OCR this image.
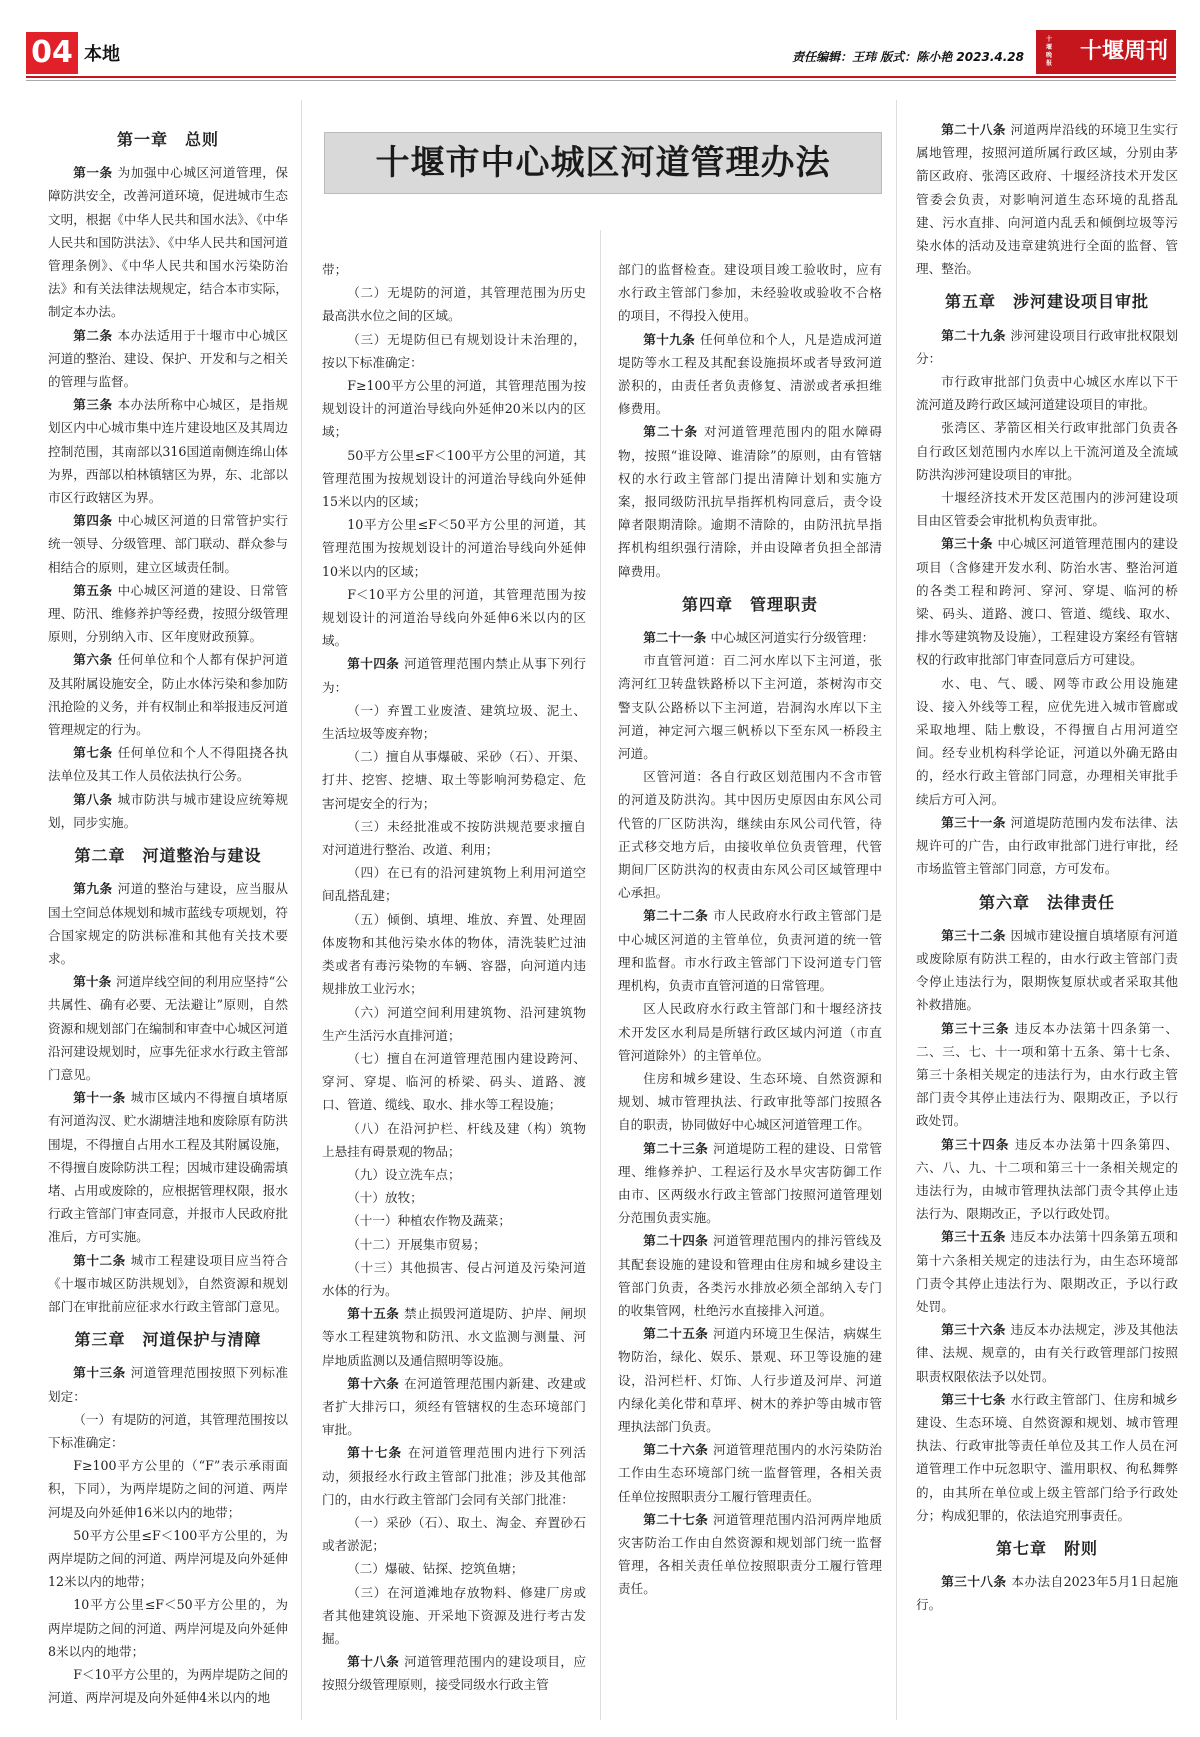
04 本地	责任编辑：王玮 版式：陈小艳 2023.4.28
十堰晚报 十堰周刊
十堰市中心城区河道管理办法
第一章　总则

第一条 为加强中心城区河道管理，保障防洪安全，改善河道环境，促进城市生态文明，根据《中华人民共和国水法》、《中华人民共和国防洪法》、《中华人民共和国河道管理条例》、《中华人民共和国水污染防治法》和有关法律法规规定，结合本市实际，制定本办法。

第二条 本办法适用于十堰市中心城区河道的整治、建设、保护、开发和与之相关的管理与监督。

第三条 本办法所称中心城区，是指规划区内中心城市集中连片建设地区及其周边控制范围，其南部以316国道南侧连绵山体为界，西部以柏林镇辖区为界，东、北部以市区行政辖区为界。

第四条 中心城区河道的日常管护实行统一领导、分级管理、部门联动、群众参与相结合的原则，建立区域责任制。

第五条 中心城区河道的建设、日常管理、防汛、维修养护等经费，按照分级管理原则，分别纳入市、区年度财政预算。

第六条 任何单位和个人都有保护河道及其附属设施安全，防止水体污染和参加防汛抢险的义务，并有权制止和举报违反河道管理规定的行为。

第七条 任何单位和个人不得阻挠各执法单位及其工作人员依法执行公务。

第八条 城市防洪与城市建设应统筹规划，同步实施。

第二章　河道整治与建设

第九条 河道的整治与建设，应当服从国土空间总体规划和城市蓝线专项规划，符合国家规定的防洪标准和其他有关技术要求。

第十条 河道岸线空间的利用应坚持“公共属性、确有必要、无法避让”原则，自然资源和规划部门在编制和审查中心城区河道沿河建设规划时，应事先征求水行政主管部门意见。

第十一条 城市区域内不得擅自填堵原有河道沟汊、贮水湖塘洼地和废除原有防洪围堤，不得擅自占用水工程及其附属设施，不得擅自废除防洪工程；因城市建设确需填堵、占用或废除的，应根据管理权限，报水行政主管部门审查同意，并报市人民政府批准后，方可实施。

第十二条 城市工程建设项目应当符合《十堰市城区防洪规划》，自然资源和规划部门在审批前应征求水行政主管部门意见。

第三章　河道保护与清障

第十三条 河道管理范围按照下列标准划定：

（一）有堤防的河道，其管理范围按以下标准确定：

F≥100平方公里的（“F”表示承雨面积，下同），为两岸堤防之间的河道、两岸河堤及向外延伸16米以内的地带；

50平方公里≤F＜100平方公里的，为两岸堤防之间的河道、两岸河堤及向外延伸12米以内的地带；

10平方公里≤F＜50平方公里的，为两岸堤防之间的河道、两岸河堤及向外延伸8米以内的地带；

F＜10平方公里的，为两岸堤防之间的河道、两岸河堤及向外延伸4米以内的地

带；

（二）无堤防的河道，其管理范围为历史最高洪水位之间的区域。

（三）无堤防但已有规划设计未治理的，按以下标准确定：

F≥100平方公里的河道，其管理范围为按规划设计的河道治导线向外延伸20米以内的区域；

50平方公里≤F＜100平方公里的河道，其管理范围为按规划设计的河道治导线向外延伸15米以内的区域；

10平方公里≤F＜50平方公里的河道，其管理范围为按规划设计的河道治导线向外延伸10米以内的区域；

F＜10平方公里的河道，其管理范围为按规划设计的河道治导线向外延伸6米以内的区域。

第十四条 河道管理范围内禁止从事下列行为：

（一）弃置工业废渣、建筑垃圾、泥土、生活垃圾等废弃物；

（二）擅自从事爆破、采砂（石）、开渠、打井、挖窖、挖塘、取土等影响河势稳定、危害河堤安全的行为；

（三）未经批准或不按防洪规范要求擅自对河道进行整治、改道、利用；

（四）在已有的沿河建筑物上利用河道空间乱搭乱建；

（五）倾倒、填埋、堆放、弃置、处理固体废物和其他污染水体的物体，清洗装贮过油类或者有毒污染物的车辆、容器，向河道内违规排放工业污水；

（六）河道空间利用建筑物、沿河建筑物生产生活污水直排河道；

（七）擅自在河道管理范围内建设跨河、穿河、穿堤、临河的桥梁、码头、道路、渡口、管道、缆线、取水、排水等工程设施；

（八）在沿河护栏、杆线及建（构）筑物上悬挂有碍景观的物品；

（九）设立洗车点；

（十）放牧；

（十一）种植农作物及蔬菜；

（十二）开展集市贸易；

（十三）其他损害、侵占河道及污染河道水体的行为。

第十五条 禁止损毁河道堤防、护岸、闸坝等水工程建筑物和防汛、水文监测与测量、河岸地质监测以及通信照明等设施。

第十六条 在河道管理范围内新建、改建或者扩大排污口，须经有管辖权的生态环境部门审批。

第十七条 在河道管理范围内进行下列活动，须报经水行政主管部门批准；涉及其他部门的，由水行政主管部门会同有关部门批准：

（一）采砂（石）、取土、淘金、弃置砂石或者淤泥；

（二）爆破、钻探、挖筑鱼塘；

（三）在河道滩地存放物料、修建厂房或者其他建筑设施、开采地下资源及进行考古发掘。

第十八条 河道管理范围内的建设项目，应按照分级管理原则，接受同级水行政主管

部门的监督检查。建设项目竣工验收时，应有水行政主管部门参加，未经验收或验收不合格的项目，不得投入使用。

第十九条 任何单位和个人，凡是造成河道堤防等水工程及其配套设施损坏或者导致河道淤积的，由责任者负责修复、清淤或者承担维修费用。

第二十条 对河道管理范围内的阻水障碍物，按照“谁设障、谁清除”的原则，由有管辖权的水行政主管部门提出清障计划和实施方案，报同级防汛抗旱指挥机构同意后，责令设障者限期清除。逾期不清除的，由防汛抗旱指挥机构组织强行清除，并由设障者负担全部清障费用。

第四章　管理职责

第二十一条 中心城区河道实行分级管理：

市直管河道：百二河水库以下主河道，张湾河红卫转盘铁路桥以下主河道，茶树沟市交警支队公路桥以下主河道，岩洞沟水库以下主河道，神定河六堰三帆桥以下至东风一桥段主河道。

区管河道：各自行政区划范围内不含市管的河道及防洪沟。其中因历史原因由东风公司代管的厂区防洪沟，继续由东风公司代管，待正式移交地方后，由接收单位负责管理，代管期间厂区防洪沟的权责由东风公司区域管理中心承担。

第二十二条 市人民政府水行政主管部门是中心城区河道的主管单位，负责河道的统一管理和监督。市水行政主管部门下设河道专门管理机构，负责市直管河道的日常管理。

区人民政府水行政主管部门和十堰经济技术开发区水利局是所辖行政区域内河道（市直管河道除外）的主管单位。

住房和城乡建设、生态环境、自然资源和规划、城市管理执法、行政审批等部门按照各自的职责，协同做好中心城区河道管理工作。

第二十三条 河道堤防工程的建设、日常管理、维修养护、工程运行及水旱灾害防御工作由市、区两级水行政主管部门按照河道管理划分范围负责实施。

第二十四条 河道管理范围内的排污管线及其配套设施的建设和管理由住房和城乡建设主管部门负责，各类污水排放必须全部纳入专门的收集管网，杜绝污水直接排入河道。

第二十五条 河道内环境卫生保洁，病媒生物防治，绿化、娱乐、景观、环卫等设施的建设，沿河栏杆、灯饰、人行步道及河岸、河道内绿化美化带和草坪、树木的养护等由城市管理执法部门负责。

第二十六条 河道管理范围内的水污染防治工作由生态环境部门统一监督管理，各相关责任单位按照职责分工履行管理责任。

第二十七条 河道管理范围内沿河两岸地质灾害防治工作由自然资源和规划部门统一监督管理，各相关责任单位按照职责分工履行管理责任。

第二十八条 河道两岸沿线的环境卫生实行属地管理，按照河道所属行政区域，分别由茅箭区政府、张湾区政府、十堰经济技术开发区管委会负责，对影响河道生态环境的乱搭乱建、污水直排、向河道内乱丢和倾倒垃圾等污染水体的活动及违章建筑进行全面的监督、管理、整治。

第五章　涉河建设项目审批

第二十九条 涉河建设项目行政审批权限划分：

市行政审批部门负责中心城区水库以下干流河道及跨行政区域河道建设项目的审批。

张湾区、茅箭区相关行政审批部门负责各自行政区划范围内水库以上干流河道及全流域防洪沟涉河建设项目的审批。

十堰经济技术开发区范围内的涉河建设项目由区管委会审批机构负责审批。

第三十条 中心城区河道管理范围内的建设项目（含修建开发水利、防治水害、整治河道的各类工程和跨河、穿河、穿堤、临河的桥梁、码头、道路、渡口、管道、缆线、取水、排水等建筑物及设施），工程建设方案经有管辖权的行政审批部门审查同意后方可建设。

水、电、气、暖、网等市政公用设施建设、接入外线等工程，应优先进入城市管廊或采取地埋、陆上敷设，不得擅自占用河道空间。经专业机构科学论证，河道以外确无路由的，经水行政主管部门同意，办理相关审批手续后方可入河。

第三十一条 河道堤防范围内发布法律、法规许可的广告，由行政审批部门进行审批，经市场监管主管部门同意，方可发布。

第六章　法律责任

第三十二条 因城市建设擅自填堵原有河道或废除原有防洪工程的，由水行政主管部门责令停止违法行为，限期恢复原状或者采取其他补救措施。

第三十三条 违反本办法第十四条第一、二、三、七、十一项和第十五条、第十七条、第三十条相关规定的违法行为，由水行政主管部门责令其停止违法行为、限期改正，予以行政处罚。

第三十四条 违反本办法第十四条第四、六、八、九、十二项和第三十一条相关规定的违法行为，由城市管理执法部门责令其停止违法行为、限期改正，予以行政处罚。

第三十五条 违反本办法第十四条第五项和第十六条相关规定的违法行为，由生态环境部门责令其停止违法行为、限期改正，予以行政处罚。

第三十六条 违反本办法规定，涉及其他法律、法规、规章的，由有关行政管理部门按照职责权限依法予以处罚。

第三十七条 水行政主管部门、住房和城乡建设、生态环境、自然资源和规划、城市管理执法、行政审批等责任单位及其工作人员在河道管理工作中玩忽职守、滥用职权、徇私舞弊的，由其所在单位或上级主管部门给予行政处分；构成犯罪的，依法追究刑事责任。

第七章　附则

第三十八条 本办法自2023年5月1日起施行。
